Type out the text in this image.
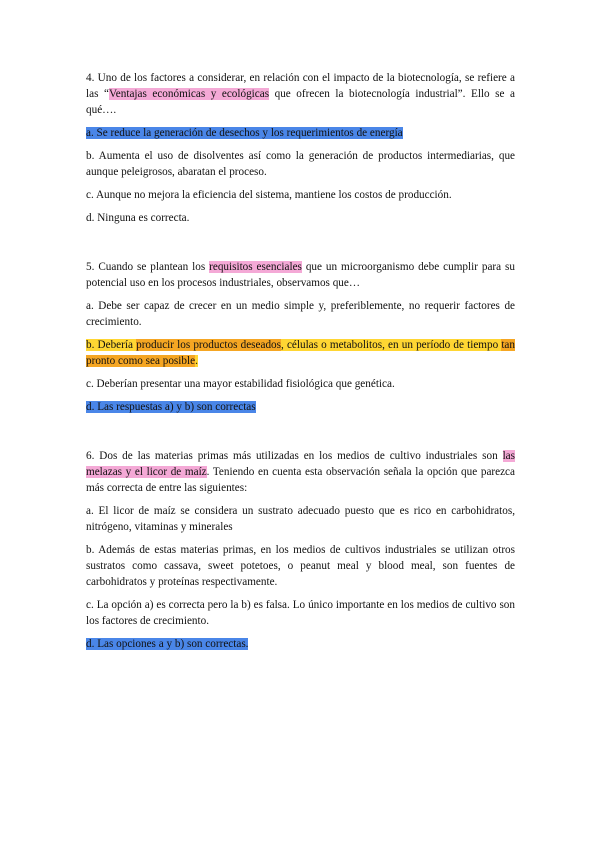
4. Uno de los factores a considerar, en relación con el impacto de la biotecnología, se refiere a las “Ventajas económicas y ecológicas que ofrecen la biotecnología industrial”. Ello se a qué….

a. Se reduce la generación de desechos y los requerimientos de energía

b. Aumenta el uso de disolventes así como la generación de productos intermediarias, que aunque peleigrosos, abaratan el proceso.

c. Aunque no mejora la eficiencia del sistema, mantiene los costos de producción.

d. Ninguna es correcta.

5. Cuando se plantean los requisitos esenciales que un microorganismo debe cumplir para su potencial uso en los procesos industriales, observamos que…

a. Debe ser capaz de crecer en un medio simple y, preferiblemente, no requerir factores de crecimiento.

b. Debería producir los productos deseados, células o metabolitos, en un período de tiempo tan pronto como sea posible.

c. Deberían presentar una mayor estabilidad fisiológica que genética.

d. Las respuestas a) y b) son correctas

6. Dos de las materias primas más utilizadas en los medios de cultivo industriales son las melazas y el licor de maíz. Teniendo en cuenta esta observación señala la opción que parezca más correcta de entre las siguientes:

a. El licor de maíz se considera un sustrato adecuado puesto que es rico en carbohidratos, nitrógeno, vitaminas y minerales

b. Además de estas materias primas, en los medios de cultivos industriales se utilizan otros sustratos como cassava, sweet potetoes, o peanut meal y blood meal, son fuentes de carbohidratos y proteínas respectivamente.

c. La opción a) es correcta pero la b) es falsa. Lo único importante en los medios de cultivo son los factores de crecimiento.

d. Las opciones a y b) son correctas.
